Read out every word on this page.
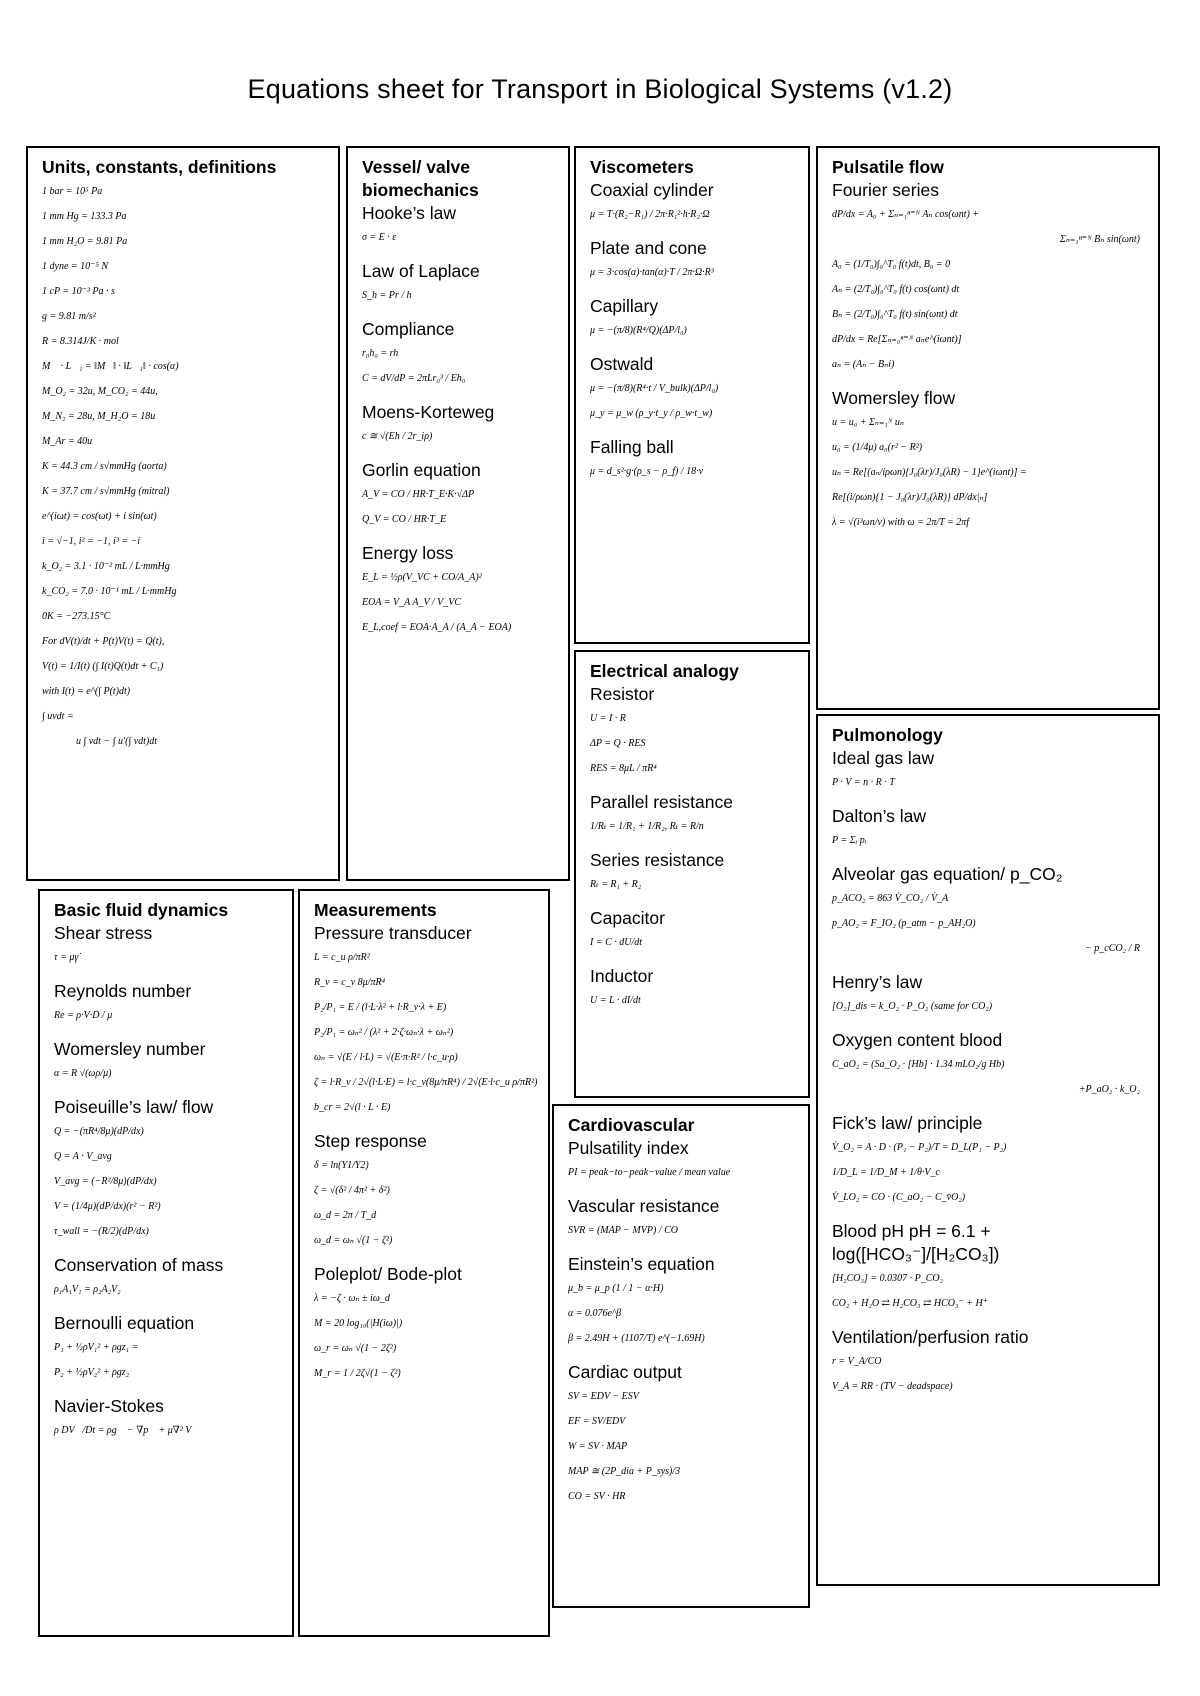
Equations sheet for Transport in Biological Systems (v1.2)
Units, constants, definitions
1 bar = 10⁵ Pa
1 mm Hg = 133.3 Pa
1 mm H₂O = 9.81 Pa
1 dyne = 10⁻⁵ N
1 cP = 10⁻³ Pa · s
g = 9.81 m/s²
R = 8.314J/K · mol
M⃗ · L⃗₁ = ‖M⃗‖ · ‖L⃗₁‖ · cos(α)
M_O₂ = 32u, M_CO₂ = 44u,
M_N₂ = 28u, M_H₂O = 18u
M_Ar = 40u
K = 44.3 cm / s√mmHg (aorta)
K = 37.7 cm / s√mmHg (mitral)
e^(iωt) = cos(ωt) + i sin(ωt)
i = √−1, i² = −1, i³ = −i
k_O₂ = 3.1 · 10⁻² mL / L·mmHg
k_CO₂ = 7.0 · 10⁻¹ mL / L·mmHg
0K = −273.15°C
For dV(t)/dt + P(t)V(t) = Q(t),
V(t) = 1/I(t) (∫ I(t)Q(t)dt + C₁)
with I(t) = e^(∫ P(t)dt)
∫ uvdt =
u ∫ vdt − ∫ u′(∫ vdt)dt
Vessel/ valve biomechanics
Hooke’s law
σ = E · ε
Law of Laplace
S_h = Pr / h
Compliance
r₀h₀ = rh
C = dV/dP = 2πLr₀³ / Eh₀
Moens-Korteweg
c ≅ √(Eh / 2r_iρ)
Gorlin equation
A_V = CO / HR·T_E·K·√ΔP
Q_V = CO / HR·T_E
Energy loss
E_L = ½ρ(V_VC + CO/A_A)²
EOA = V_A A_V / V_VC
E_L,coef = EOA·A_A / (A_A − EOA)
Viscometers
Coaxial cylinder
μ = T·(R₂−R₁) / 2π·R₁²·h·R₂·Ω
Plate and cone
μ = 3·cos(α)·tan(α)·T / 2π·Ω·R³
Capillary
μ = −(π/8)(R⁴/Q)(ΔP/l₀)
Ostwald
μ = −(π/8)(R⁴·t / V_bulk)(ΔP/l₀)
μ_y = μ_w (ρ_y·t_y / ρ_w·t_w)
Falling ball
μ = d_s²·g·(ρ_s − ρ_f) / 18·v
Electrical analogy
Resistor
U = I · R
ΔP = Q · RES
RES = 8μL / πR⁴
Parallel resistance
1/Rₜ = 1/R₁ + 1/R₂, Rₜ = R/n
Series resistance
Rₜ = R₁ + R₂
Capacitor
I = C · dU/dt
Inductor
U = L · dI/dt
Pulsatile flow
Fourier series
dP/dx = A₀ + Σₙ₌₁ⁿ⁼ᴺ Aₙ cos(ωnt) +
Σₙ₌₁ⁿ⁼ᴺ Bₙ sin(ωnt)
A₀ = (1/T₀)∫₀^T₀ f(t)dt, B₀ = 0
Aₙ = (2/T₀)∫₀^T₀ f(t) cos(ωnt) dt
Bₙ = (2/T₀)∫₀^T₀ f(t) sin(ωnt) dt
dP/dx = Re[Σₙ₌₀ⁿ⁼ᴺ aₙe^(iωnt)]
aₙ = (Aₙ − Bₙi)
Womersley flow
u = u₀ + Σₙ₌₁ᴺ uₙ
u₀ = (1/4μ) a₀(r² − R²)
uₙ = Re[(aₙ/iρωn){J₀(λr)/J₀(λR) − 1}e^(iωnt)] =
Re[(i/ρωn){1 − J₀(λr)/J₀(λR)} dP/dx|ₙ]
λ = √(i³ωn/ν) with ω = 2π/T = 2πf
Basic fluid dynamics
Shear stress
τ = μγ̇
Reynolds number
Re = ρ·V·D / μ
Womersley number
α = R √(ωρ/μ)
Poiseuille’s law/ flow
Q = −(πR⁴/8μ)(dP/dx)
Q = A · V_avg
V_avg = (−R²/8μ)(dP/dx)
V = (1/4μ)(dP/dx)(r² − R²)
τ_wall = −(R/2)(dP/dx)
Conservation of mass
ρ₁A₁V₁ = ρ₂A₂V₂
Bernoulli equation
P₁ + ½ρV₁² + ρgz₁ =
P₂ + ½ρV₂² + ρgz₂
Navier-Stokes
ρ DV⃗/Dt = ρg⃗ − ∇p⃗ + μ∇² V⃗
Measurements
Pressure transducer
L = c_u ρ/πR²
R_v = c_v 8μ/πR⁴
P₂/P₁ = E / (l·L·λ² + l·R_v·λ + E)
P₂/P₁ = ωₙ² / (λ² + 2·ζ·ωₙ·λ + ωₙ²)
ωₙ = √(E / l·L) = √(E·π·R² / l·c_u·ρ)
ζ = l·R_v / 2√(l·L·E) = l·c_v(8μ/πR⁴) / 2√(E·l·c_u ρ/πR²)
b_cr = 2√(l · L · E)
Step response
δ = ln(Y1/Y2)
ζ = √(δ² / 4π² + δ²)
ω_d = 2π / T_d
ω_d = ωₙ √(1 − ζ²)
Poleplot/ Bode-plot
λ = −ζ · ωₙ ± iω_d
M = 20 log₁₀(|H(iω)|)
ω_r = ωₙ √(1 − 2ζ²)
M_r = 1 / 2ζ√(1 − ζ²)
Cardiovascular
Pulsatility index
PI = peak−to−peak−value / mean value
Vascular resistance
SVR = (MAP − MVP) / CO
Einstein’s equation
μ_b = μ_p (1 / 1 − α·H)
α = 0.076e^β
β = 2.49H + (1107/T) e^(−1.69H)
Cardiac output
SV = EDV − ESV
EF = SV/EDV
W = SV · MAP
MAP ≅ (2P_dia + P_sys)/3
CO = SV · HR
Pulmonology
Ideal gas law
P · V = n · R · T
Dalton’s law
P = Σᵢ pᵢ
Alveolar gas equation/ p_CO₂
p_ACO₂ = 863 V̇_CO₂ / V̇_A
p_AO₂ = F_IO₂ (p_atm − p_AH₂O)
− p_cCO₂ / R
Henry’s law
[O₂]_dis = k_O₂ · P_O₂ (same for CO₂)
Oxygen content blood
C_aO₂ = (Sa_O₂ · [Hb] · 1.34 mLO₂/g Hb)
+P_aO₂ · k_O₂
Fick’s law/ principle
V̇_O₂ = A · D · (P₁ − P₂)/T = D_L(P₁ − P₂)
1/D_L = 1/D_M + 1/θ·V_c
V̇_LO₂ = CO · (C_aO₂ − C_v̄O₂)
Blood pH pH = 6.1 + log([HCO₃⁻]/[H₂CO₃])
[H₂CO₃] = 0.0307 · P_CO₂
CO₂ + H₂O ⇄ H₂CO₃ ⇄ HCO₃⁻ + H⁺
Ventilation/perfusion ratio
r = V_A/CO
V_A = RR · (TV − deadspace)
